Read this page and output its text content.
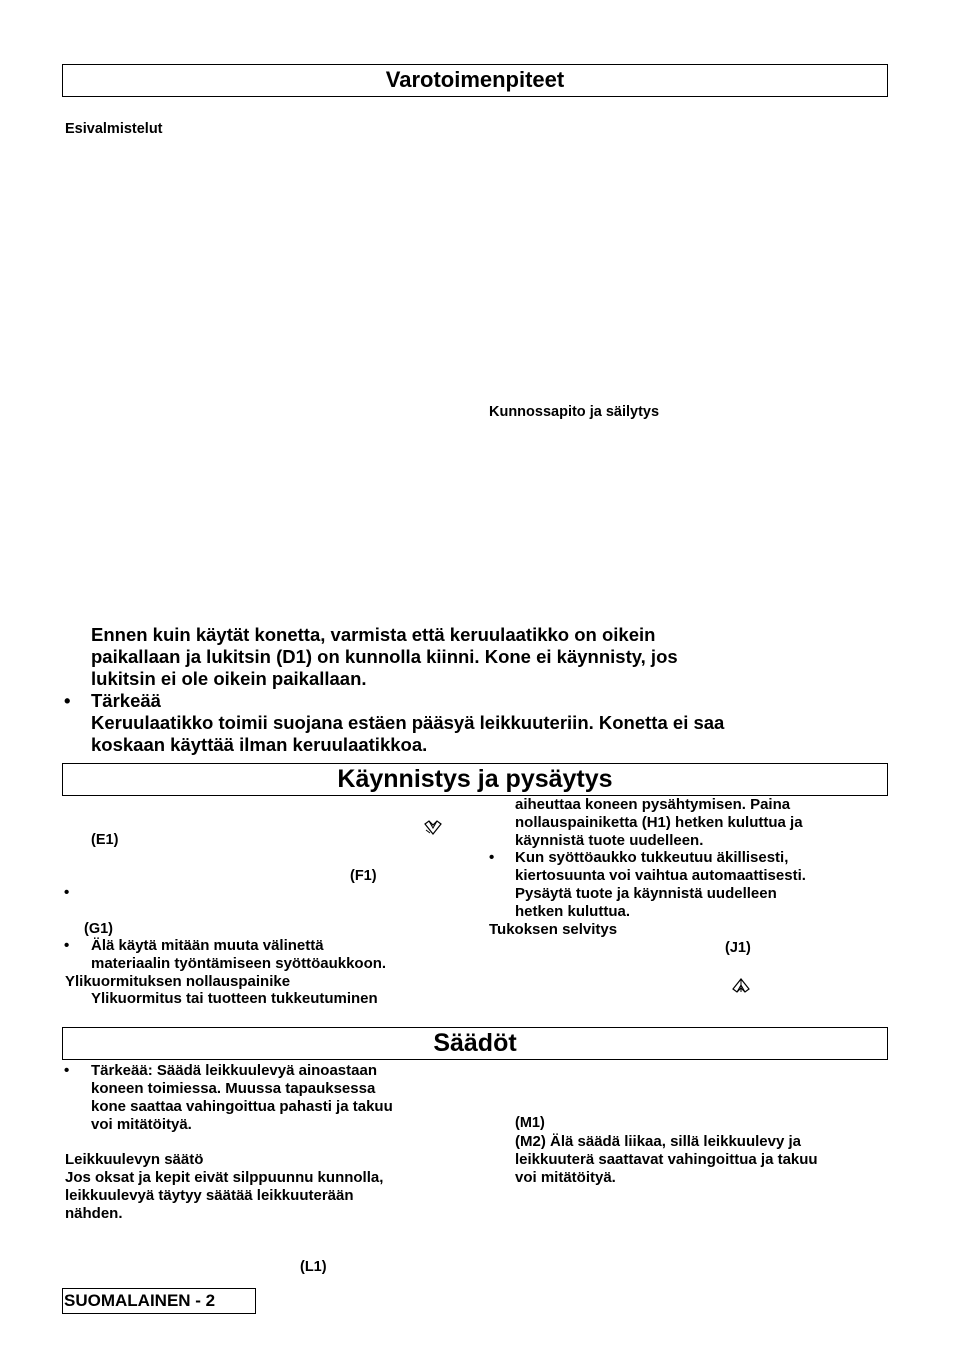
Varotoimenpiteet

Esivalmistelut

Kunnossapito ja säilytys

Ennen kuin käytät konetta, varmista että keruulaatikko on oikein

paikallaan ja lukitsin (D1) on kunnolla kiinni. Kone ei käynnisty, jos

lukitsin ei ole oikein paikallaan.

• Tärkeää

Keruulaatikko toimii suojana estäen pääsyä leikkuuteriin. Konetta ei saa

koskaan käyttää ilman keruulaatikkoa.

Käynnistys ja pysäytys

(E1)

(F1)

•

(G1)

• Älä käytä mitään muuta välinettä

materiaalin työntämiseen syöttöaukkoon.

Ylikuormituksen nollauspainike

Ylikuormitus tai tuotteen tukkeutuminen

aiheuttaa koneen pysähtymisen. Paina

nollauspainiketta (H1) hetken kuluttua ja

käynnistä tuote uudelleen.

• Kun syöttöaukko tukkeutuu äkillisesti,

kiertosuunta voi vaihtua automaattisesti.

Pysäytä tuote ja käynnistä uudelleen

hetken kuluttua.

Tukoksen selvitys

(J1)

Säädöt
• Tärkeää: Säädä leikkuulevyä ainoastaan

koneen toimiessa. Muussa tapauksessa

kone saattaa vahingoittua pahasti ja takuu

voi mitätöityä.

Leikkuulevyn säätö

Jos oksat ja kepit eivät silppuunnu kunnolla,

leikkuulevyä täytyy säätää leikkuuterään

nähden.

(L1)

(M1)

(M2) Älä säädä liikaa, sillä leikkuulevy ja

leikkuuterä saattavat vahingoittua ja takuu

voi mitätöityä.

SUOMALAINEN - 2
